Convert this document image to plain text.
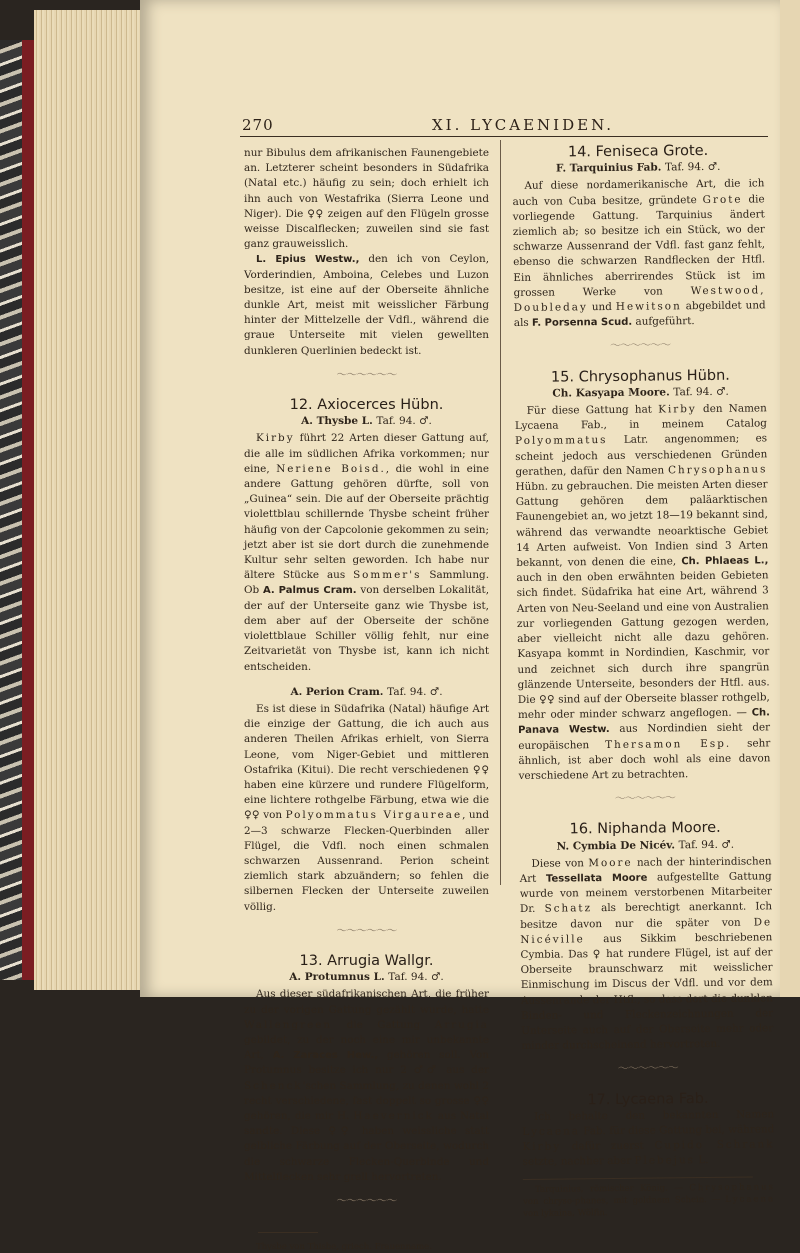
270	XI. LYCAENIDEN.

nur Bibulus dem afrikanischen Faunengebiete an. Letzterer scheint besonders in Südafrika (Natal etc.) häufig zu sein; doch erhielt ich ihn auch von Westafrika (Sierra Leone und Niger). Die ♀♀ zeigen auf den Flügeln grosse weisse Discalflecken; zuweilen sind sie fast ganz grauweisslich.

L. Epius Westw., den ich von Ceylon, Vorderindien, Amboina, Celebes und Luzon besitze, ist eine auf der Oberseite ähnliche dunkle Art, meist mit weisslicher Färbung hinter der Mittelzelle der Vdfl., während die graue Unterseite mit vielen gewellten dunkleren Querlinien bedeckt ist.

〜〜〜〜〜〜
12. Axiocerces Hübn.
A. Thysbe L. Taf. 94. ♂.

Kirby führt 22 Arten dieser Gattung auf, die alle im südlichen Afrika vorkommen; nur eine, Neriene Boisd., die wohl in eine andere Gattung gehören dürfte, soll von „Guinea“ sein. Die auf der Oberseite prächtig violettblau schillernde Thysbe scheint früher häufig von der Capcolonie gekommen zu sein; jetzt aber ist sie dort durch die zunehmende Kultur sehr selten geworden. Ich habe nur ältere Stücke aus Sommer's Sammlung. Ob A. Palmus Cram. von derselben Lokalität, der auf der Unterseite ganz wie Thysbe ist, dem aber auf der Oberseite der schöne violettblaue Schiller völlig fehlt, nur eine Zeitvarietät von Thysbe ist, kann ich nicht entscheiden.

A. Perion Cram. Taf. 94. ♂.

Es ist diese in Südafrika (Natal) häufige Art die einzige der Gattung, die ich auch aus anderen Theilen Afrikas erhielt, von Sierra Leone, vom Niger-Gebiet und mittleren Ostafrika (Kitui). Die recht verschiedenen ♀♀ haben eine kürzere und rundere Flügelform, eine lichtere rothgelbe Färbung, etwa wie die ♀♀ von Polyommatus Virgaureae, und 2—3 schwarze Flecken-Querbinden aller Flügel, die Vdfl. noch einen schmalen schwarzen Aussenrand. Perion scheint ziemlich stark abzuändern; so fehlen die silbernen Flecken der Unterseite zuweilen völlig.

〜〜〜〜〜〜
13. Arrugia Wallgr.
A. Protumnus L. Taf. 94. ♂.

Aus dieser südafrikanischen Art, die früher zu der vorigen Gattung gezählt wurde, hatte Wallengreen die Gattung Arrugia gebildet, zu der noch eine mir unbekannte Art, A. Zaraces Hew., gehören soll. Von Protumnus besitze ich nur 2 ♂♂ aus der Schenck'schen Sammlung, zu denen wohl 2 recht verschiedene, fast doppelt so grosse ♀♀ gehören, die mir H. Haevernick aus Natal sandte. Diese ♀♀ haben weissliche statt gelbliche Färbung auf der Oberseite, wodurch die schwarze Flecken-Querbinde und Mittelflecken sehr grell hervortreten.

〜〜〜〜〜〜

Thysbe von Thisbe, griech. Frauenname.

14. Feniseca Grote.
F. Tarquinius Fab. Taf. 94. ♂.

Auf diese nordamerikanische Art, die ich auch von Cuba besitze, gründete Grote die vorliegende Gattung. Tarquinius ändert ziemlich ab; so besitze ich ein Stück, wo der schwarze Aussenrand der Vdfl. fast ganz fehlt, ebenso die schwarzen Randflecken der Htfl. Ein ähnliches aberrirendes Stück ist im grossen Werke von Westwood, Doubleday und Hewitson abgebildet und als F. Porsenna Scud. aufgeführt.

〜〜〜〜〜〜
15. Chrysophanus Hübn.
Ch. Kasyapa Moore. Taf. 94. ♂.

Für diese Gattung hat Kirby den Namen Lycaena Fab., in meinem Catalog Polyommatus Latr. angenommen; es scheint jedoch aus verschiedenen Gründen gerathen, dafür den Namen Chrysophanus Hübn. zu gebrauchen. Die meisten Arten dieser Gattung gehören dem paläarktischen Faunengebiet an, wo jetzt 18—19 bekannt sind, während das verwandte neoarktische Gebiet 14 Arten aufweist. Von Indien sind 3 Arten bekannt, von denen die eine, Ch. Phlaeas L., auch in den oben erwähnten beiden Gebieten sich findet. Südafrika hat eine Art, während 3 Arten von Neu-Seeland und eine von Australien zur vorliegenden Gattung gezogen werden, aber vielleicht nicht alle dazu gehören. Kasyapa kommt in Nordindien, Kaschmir, vor und zeichnet sich durch ihre spangrün glänzende Unterseite, besonders der Htfl. aus. Die ♀♀ sind auf der Oberseite blasser rothgelb, mehr oder minder schwarz angeflogen. — Ch. Panava Westw. aus Nordindien sieht der europäischen Thersamon Esp. sehr ähnlich, ist aber doch wohl als eine davon verschiedene Art zu betrachten.

〜〜〜〜〜〜
16. Niphanda Moore.
N. Cymbia De Nicév. Taf. 94. ♂.

Diese von Moore nach der hinterindischen Art Tessellata Moore aufgestellte Gattung wurde von meinem verstorbenen Mitarbeiter Dr. Schatz als berechtigt anerkannt. Ich besitze davon nur die später von De Nicéville aus Sikkim beschriebenen Cymbia. Das ♀ hat rundere Flügel, ist auf der Oberseite braunschwarz mit weisslicher Einmischung im Discus der Vdfl. und vor dem Aussenrande der Htfl., so dass dort die dunklen Binden- und Fleckenzeichnungen der Unterseite auch auf der Oberseite mehr oder minder durchscheinend hervortreten.

〜〜〜〜〜〜
17. Lycaena Fab.

Ich behalte den bekannten Namen Lycaena Fab. für diese Gattung bei, während Kirby dafür zuerst Cupido Schrank setzte, nachher aber Plebejus L.

Tarquinius, römischer König. — Chrysophanus von chryso-phanes, mit goldnem Schein. — Lycaena von lykaina, Wölfin.
